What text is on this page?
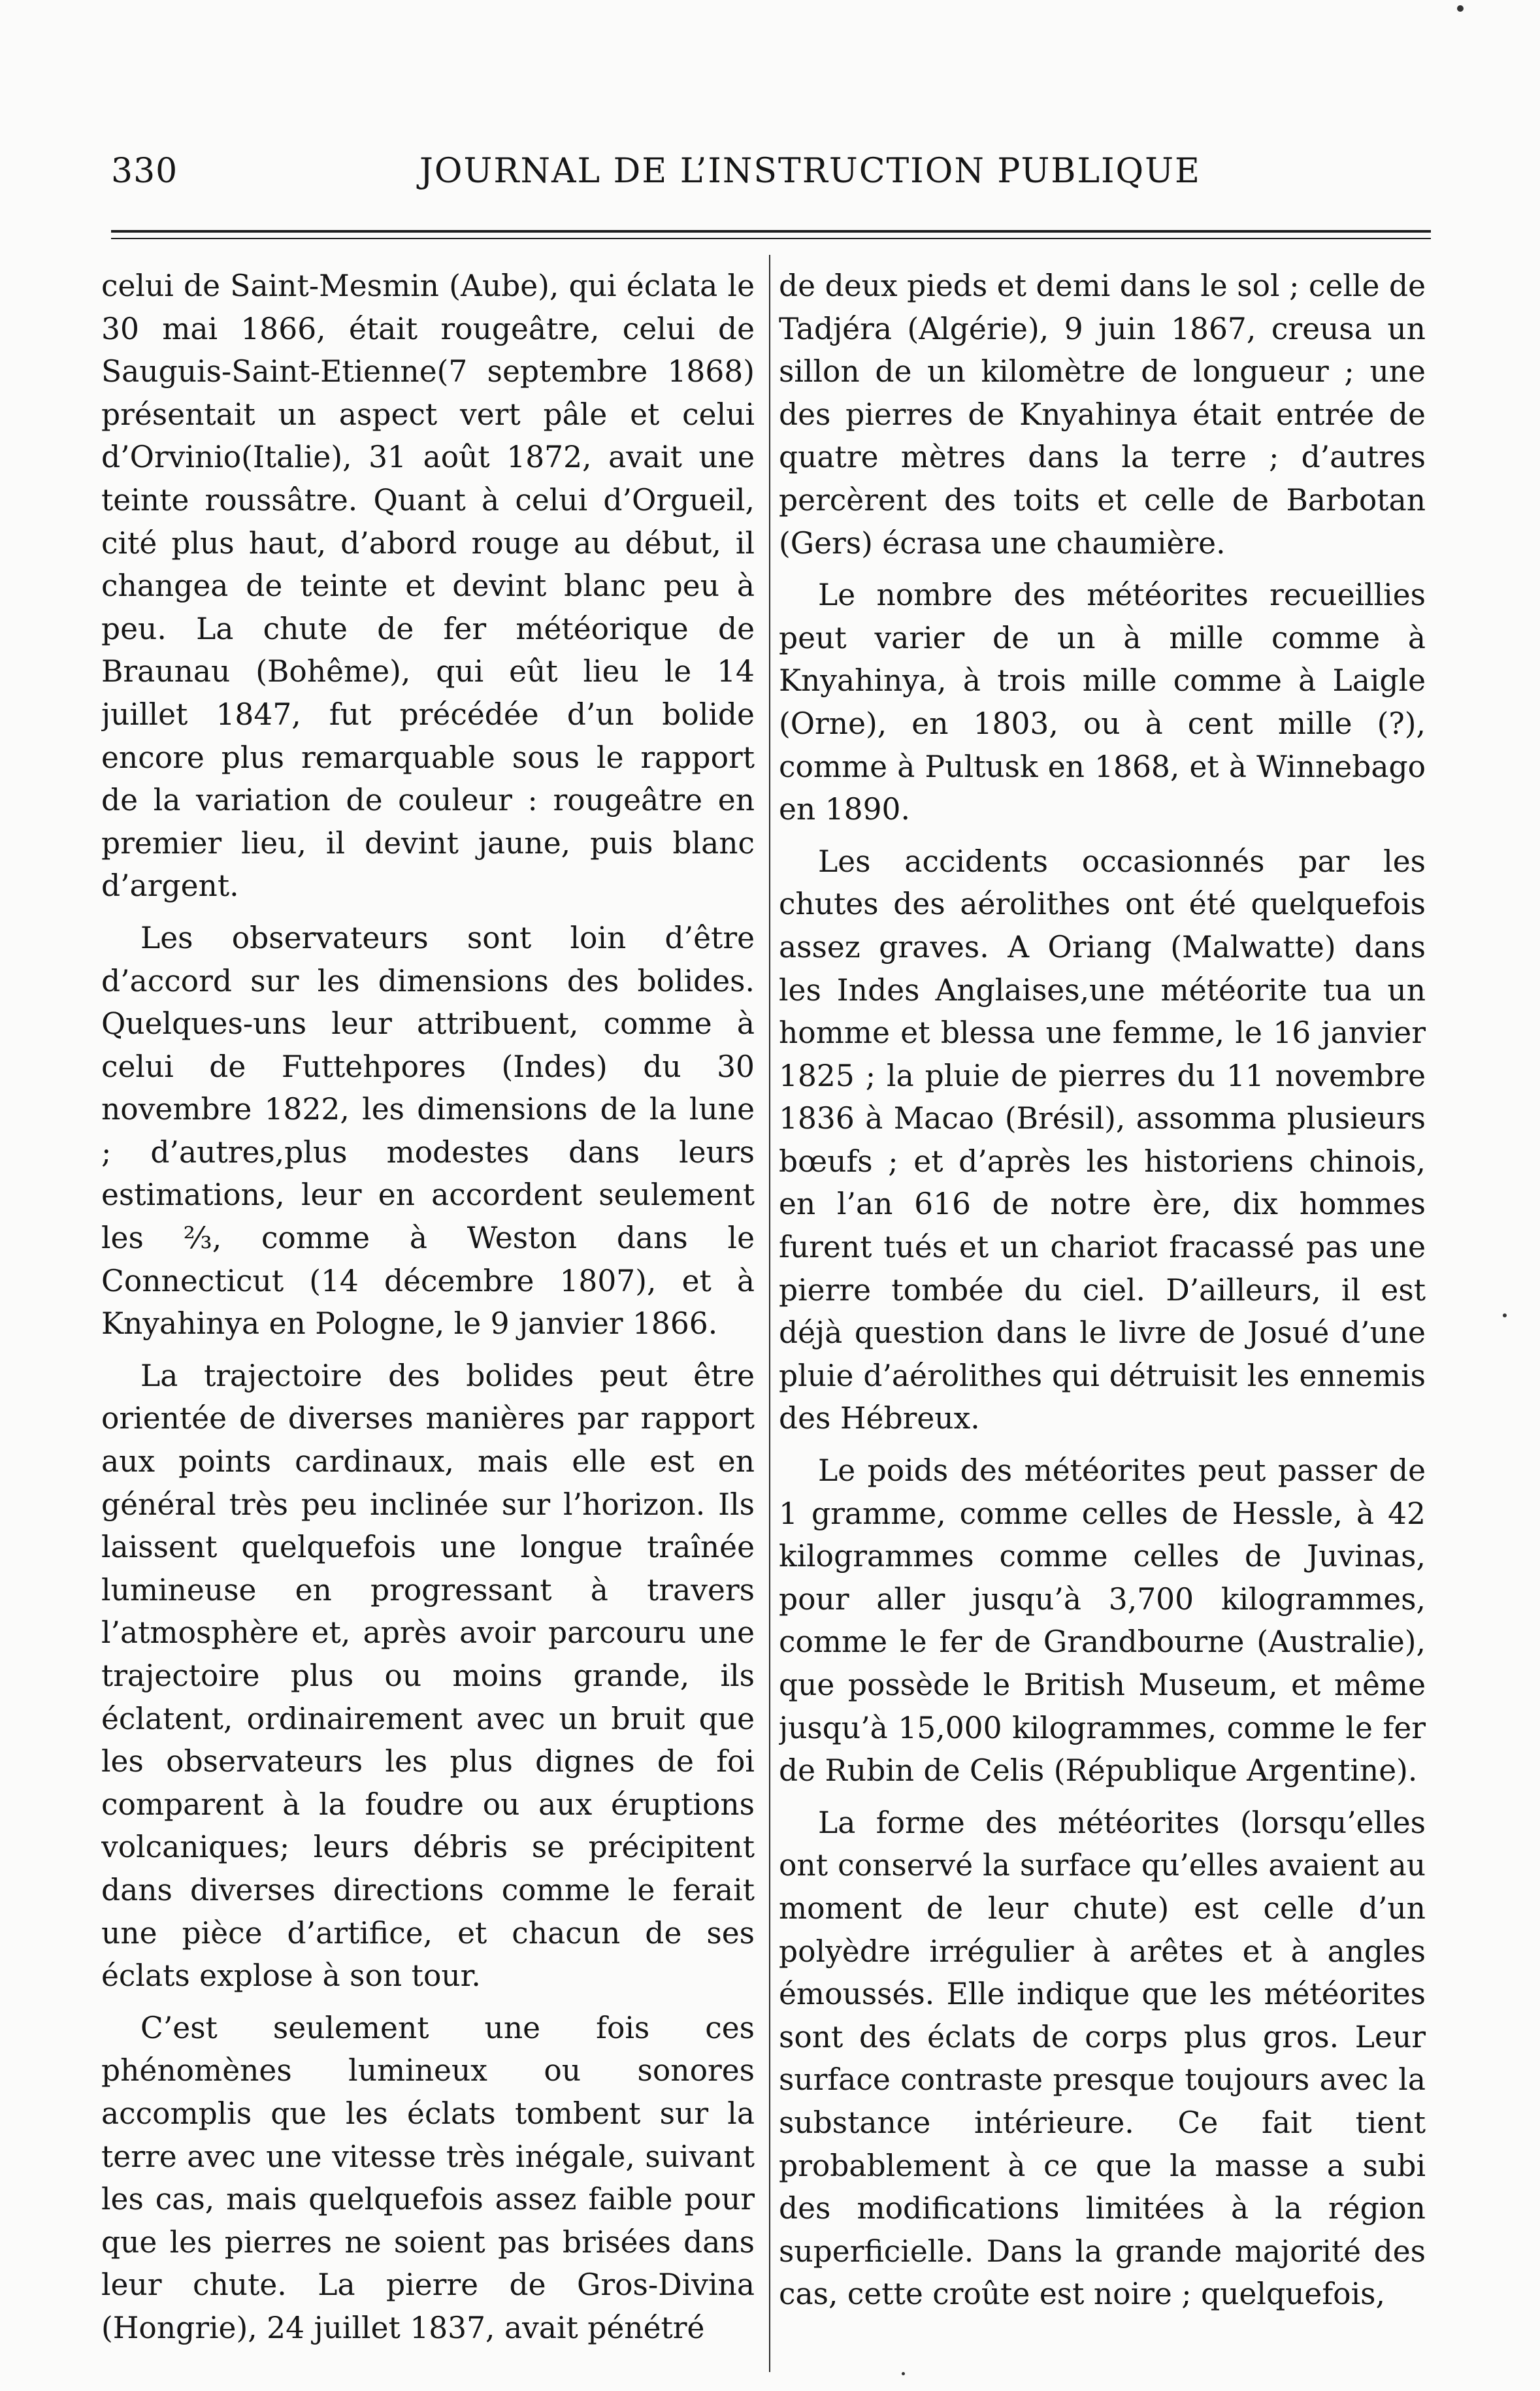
330	JOURNAL DE L’INSTRUCTION PUBLIQUE

celui de Saint-Mesmin (Aube), qui éclata le 30 mai 1866, était rougeâtre, celui de Sauguis-Saint-Etienne(7 septembre 1868) présentait un aspect vert pâle et celui d’Orvinio(Italie), 31 août 1872, avait une teinte roussâtre. Quant à celui d’Orgueil, cité plus haut, d’abord rouge au début, il changea de teinte et devint blanc peu à peu. La chute de fer météorique de Braunau (Bohême), qui eût lieu le 14 juillet 1847, fut précédée d’un bolide encore plus remarquable sous le rapport de la variation de couleur : rougeâtre en premier lieu, il devint jaune, puis blanc d’argent.

Les observateurs sont loin d’être d’accord sur les dimensions des bolides. Quelques-uns leur attribuent, comme à celui de Futtehpores (Indes) du 30 novembre 1822, les dimensions de la lune ; d’autres,plus modestes dans leurs estimations, leur en accordent seulement les ⅔, comme à Weston dans le Connecticut (14 décembre 1807), et à Knyahinya en Pologne, le 9 janvier 1866.

La trajectoire des bolides peut être orientée de diverses manières par rapport aux points cardinaux, mais elle est en général très peu inclinée sur l’horizon. Ils laissent quelquefois une longue traînée lumineuse en progressant à travers l’atmosphère et, après avoir parcouru une trajectoire plus ou moins grande, ils éclatent, ordinairement avec un bruit que les observateurs les plus dignes de foi comparent à la foudre ou aux éruptions volcaniques; leurs débris se précipitent dans diverses directions comme le ferait une pièce d’artifice, et chacun de ses éclats explose à son tour.

C’est seulement une fois ces phénomènes lumineux ou sonores accomplis que les éclats tombent sur la terre avec une vitesse très inégale, suivant les cas, mais quelquefois assez faible pour que les pierres ne soient pas brisées dans leur chute. La pierre de Gros-Divina (Hongrie), 24 juillet 1837, avait pénétré

de deux pieds et demi dans le sol ; celle de Tadjéra (Algérie), 9 juin 1867, creusa un sillon de un kilomètre de longueur ; une des pierres de Knyahinya était entrée de quatre mètres dans la terre ; d’autres percèrent des toits et celle de Barbotan (Gers) écrasa une chaumière.

Le nombre des météorites recueillies peut varier de un à mille comme à Knyahinya, à trois mille comme à Laigle (Orne), en 1803, ou à cent mille (?), comme à Pultusk en 1868, et à Winnebago en 1890.

Les accidents occasionnés par les chutes des aérolithes ont été quelquefois assez graves. A Oriang (Malwatte) dans les Indes Anglaises,une météorite tua un homme et blessa une femme, le 16 janvier 1825 ; la pluie de pierres du 11 novembre 1836 à Macao (Brésil), assomma plusieurs bœufs ; et d’après les historiens chinois, en l’an 616 de notre ère, dix hommes furent tués et un chariot fracassé pas une pierre tombée du ciel. D’ailleurs, il est déjà question dans le livre de Josué d’une pluie d’aérolithes qui détruisit les ennemis des Hébreux.

Le poids des météorites peut passer de 1 gramme, comme celles de Hessle, à 42 kilogrammes comme celles de Juvinas, pour aller jusqu’à 3,700 kilogrammes, comme le fer de Grandbourne (Australie), que possède le British Museum, et même jusqu’à 15,000 kilogrammes, comme le fer de Rubin de Celis (République Argentine).

La forme des météorites (lorsqu’elles ont conservé la surface qu’elles avaient au moment de leur chute) est celle d’un polyèdre irrégulier à arêtes et à angles émoussés. Elle indique que les météorites sont des éclats de corps plus gros. Leur surface contraste presque toujours avec la substance intérieure. Ce fait tient probablement à ce que la masse a subi des modifications limitées à la région superficielle. Dans la grande majorité des cas, cette croûte est noire ; quelquefois,
